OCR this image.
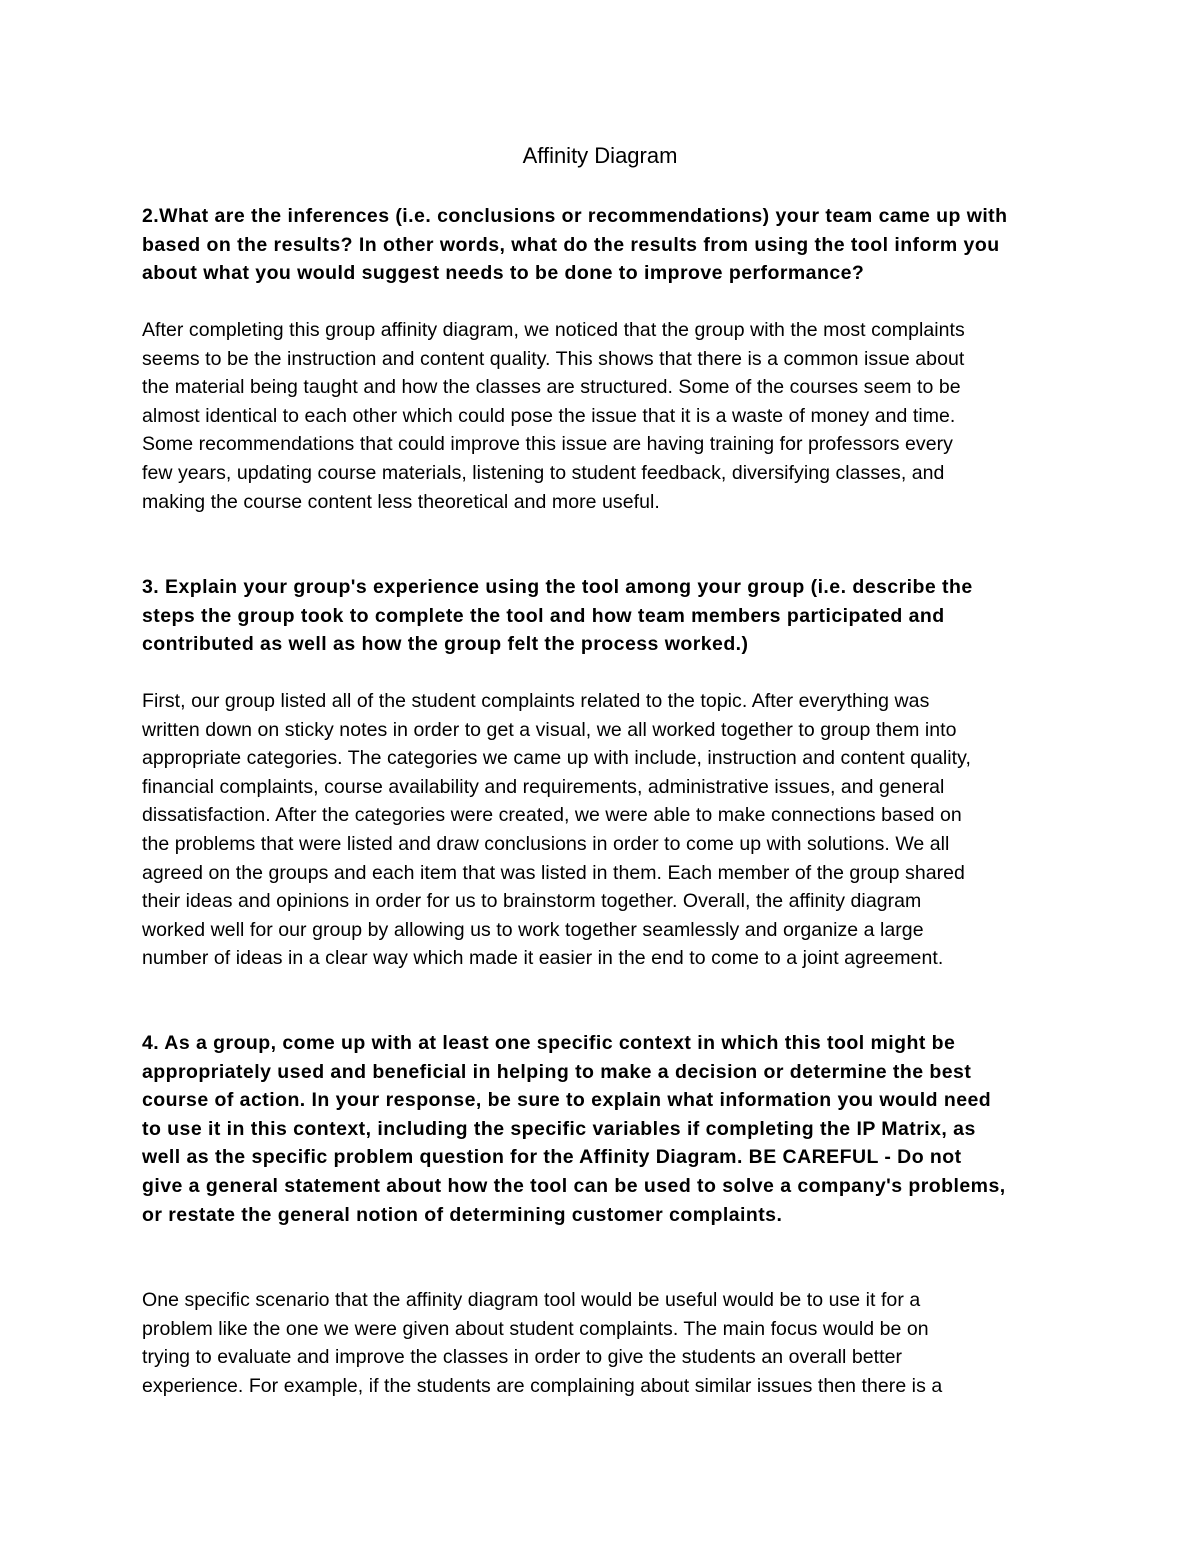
Affinity Diagram
2.What are the inferences (i.e. conclusions or recommendations) your team came up with
based on the results? In other words, what do the results from using the tool inform you
about what you would suggest needs to be done to improve performance?
After completing this group affinity diagram, we noticed that the group with the most complaints
seems to be the instruction and content quality. This shows that there is a common issue about
the material being taught and how the classes are structured. Some of the courses seem to be
almost identical to each other which could pose the issue that it is a waste of money and time.
Some recommendations that could improve this issue are having training for professors every
few years, updating course materials, listening to student feedback, diversifying classes, and
making the course content less theoretical and more useful.
3. Explain your group's experience using the tool among your group (i.e. describe the
steps the group took to complete the tool and how team members participated and
contributed as well as how the group felt the process worked.)
First, our group listed all of the student complaints related to the topic. After everything was
written down on sticky notes in order to get a visual, we all worked together to group them into
appropriate categories. The categories we came up with include, instruction and content quality,
financial complaints, course availability and requirements, administrative issues, and general
dissatisfaction. After the categories were created, we were able to make connections based on
the problems that were listed and draw conclusions in order to come up with solutions. We all
agreed on the groups and each item that was listed in them. Each member of the group shared
their ideas and opinions in order for us to brainstorm together. Overall, the affinity diagram
worked well for our group by allowing us to work together seamlessly and organize a large
number of ideas in a clear way which made it easier in the end to come to a joint agreement.
4. As a group, come up with at least one specific context in which this tool might be
appropriately used and beneficial in helping to make a decision or determine the best
course of action. In your response, be sure to explain what information you would need
to use it in this context, including the specific variables if completing the IP Matrix, as
well as the specific problem question for the Affinity Diagram. BE CAREFUL - Do not
give a general statement about how the tool can be used to solve a company's problems,
or restate the general notion of determining customer complaints.
One specific scenario that the affinity diagram tool would be useful would be to use it for a
problem like the one we were given about student complaints. The main focus would be on
trying to evaluate and improve the classes in order to give the students an overall better
experience. For example, if the students are complaining about similar issues then there is a
